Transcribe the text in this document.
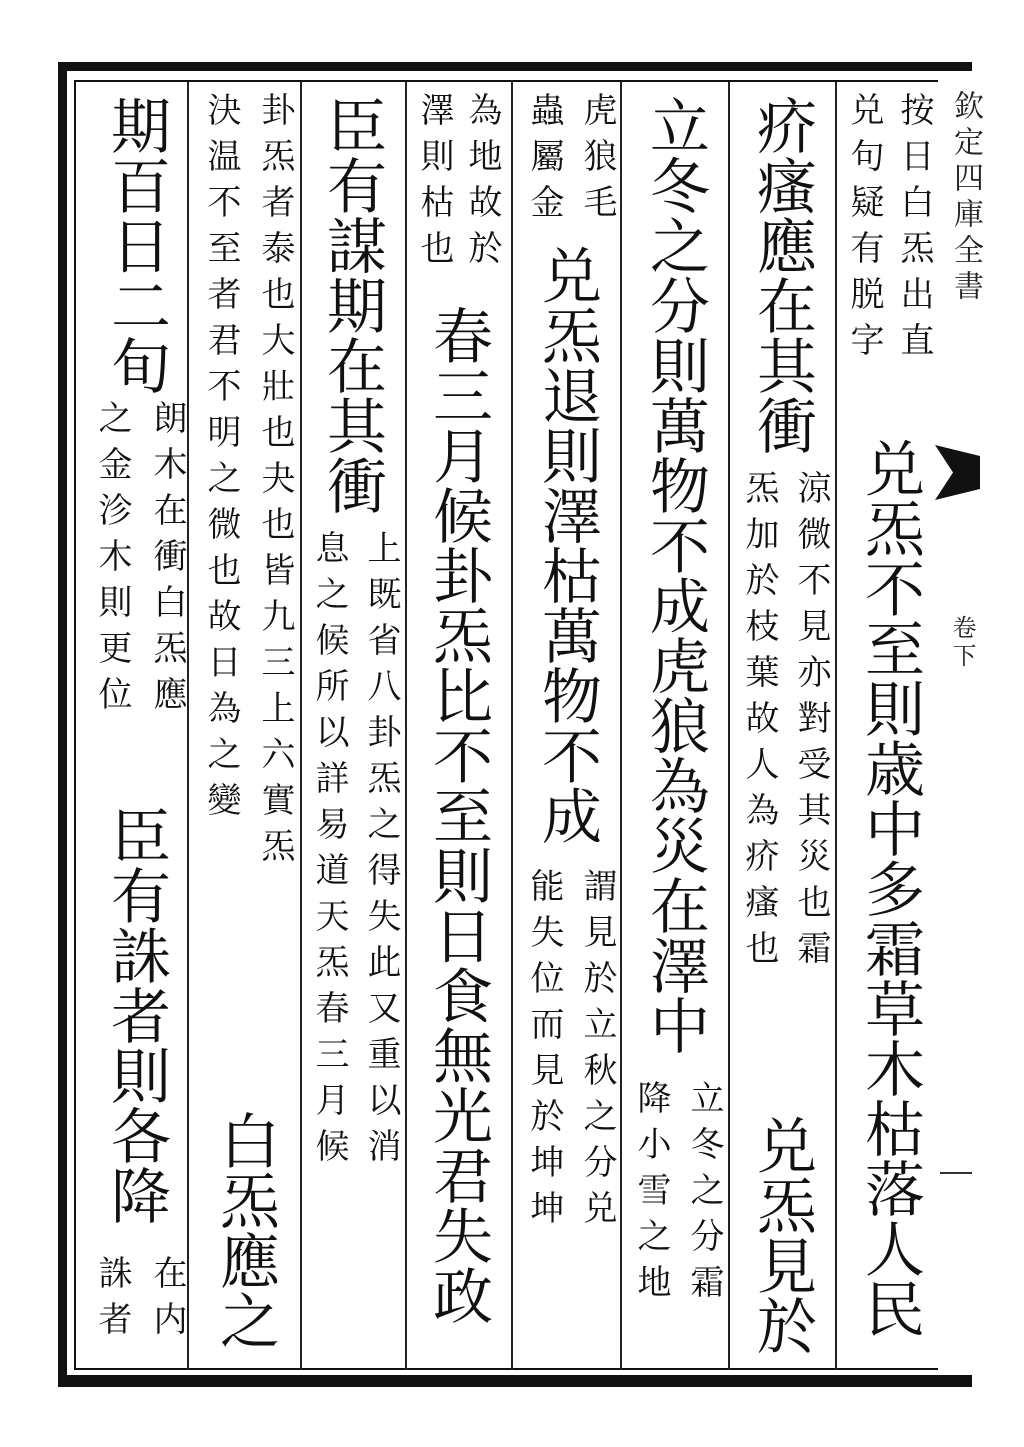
欽定四庫全書
卷下
按日白炁出直
兑句疑有脱字
兑炁不至則歳中多霜草木枯落人民
疥瘙應在其衝
涼微不見亦對受其災也霜
炁加於枝葉故人為疥瘙也
兑炁見於
立冬之分則萬物不成虎狼為災在澤中
立冬之分霜
降小雪之地
虎狼毛
蟲屬金
兑炁退則澤枯萬物不成
謂見於立秋之分兑
能失位而見於坤坤
為地故於
澤則枯也
春三月候卦炁比不至則日食無光君失政
臣有謀期在其衝
上既省八卦炁之得失此又重以消
息之候所以詳易道天炁春三月候
卦炁者泰也大壯也夬也皆九三上六實炁
決温不至者君不明之微也故日為之變
白炁應之
期百日二旬
朗木在衝白炁應
之金沴木則更位
臣有誅者則各降
在内
誅者
